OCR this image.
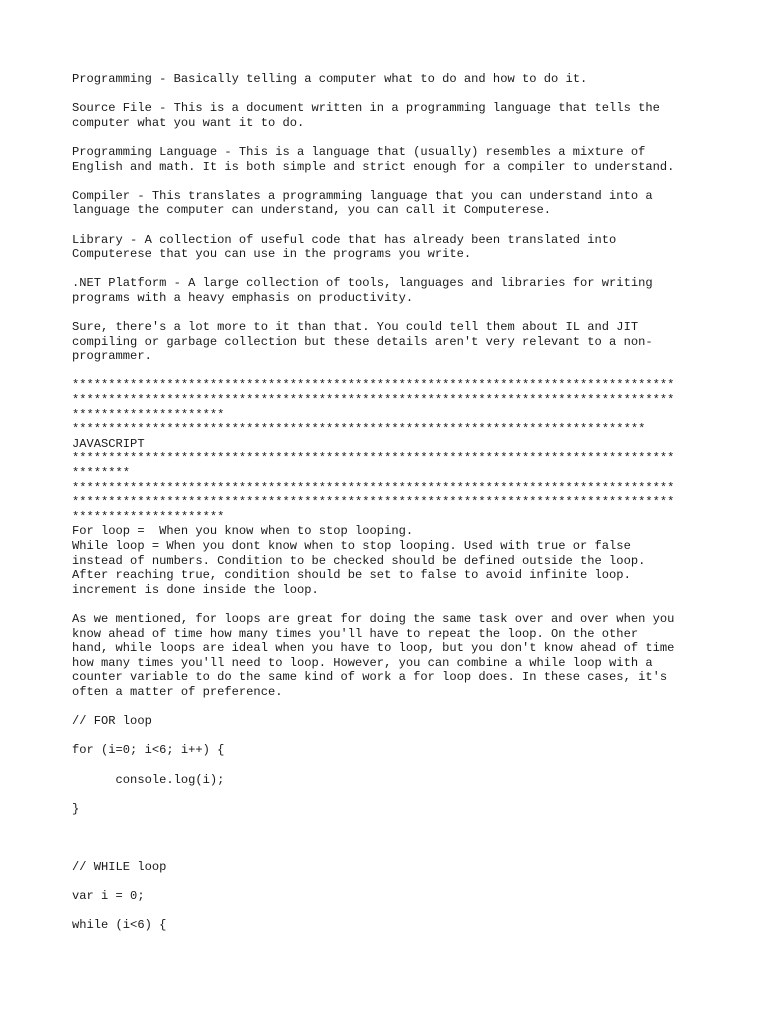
Programming - Basically telling a computer what to do and how to do it.
Source File - This is a document written in a programming language that tells the
computer what you want it to do.
Programming Language - This is a language that (usually) resembles a mixture of
English and math. It is both simple and strict enough for a compiler to understand.
Compiler - This translates a programming language that you can understand into a
language the computer can understand, you can call it Computerese.
Library - A collection of useful code that has already been translated into
Computerese that you can use in the programs you write.
.NET Platform - A large collection of tools, languages and libraries for writing
programs with a heavy emphasis on productivity.
Sure, there's a lot more to it than that. You could tell them about IL and JIT
compiling or garbage collection but these details aren't very relevant to a non-
programmer.
***********************************************************************************
***********************************************************************************
*********************
*******************************************************************************
JAVASCRIPT
***********************************************************************************
********
***********************************************************************************
***********************************************************************************
*********************
For loop =  When you know when to stop looping.
While loop = When you dont know when to stop looping. Used with true or false
instead of numbers. Condition to be checked should be defined outside the loop.
After reaching true, condition should be set to false to avoid infinite loop.
increment is done inside the loop.
As we mentioned, for loops are great for doing the same task over and over when you
know ahead of time how many times you'll have to repeat the loop. On the other
hand, while loops are ideal when you have to loop, but you don't know ahead of time
how many times you'll need to loop. However, you can combine a while loop with a
counter variable to do the same kind of work a for loop does. In these cases, it's
often a matter of preference.
// FOR loop
for (i=0; i<6; i++) {
console.log(i);
}
// WHILE loop
var i = 0;
while (i<6) {
